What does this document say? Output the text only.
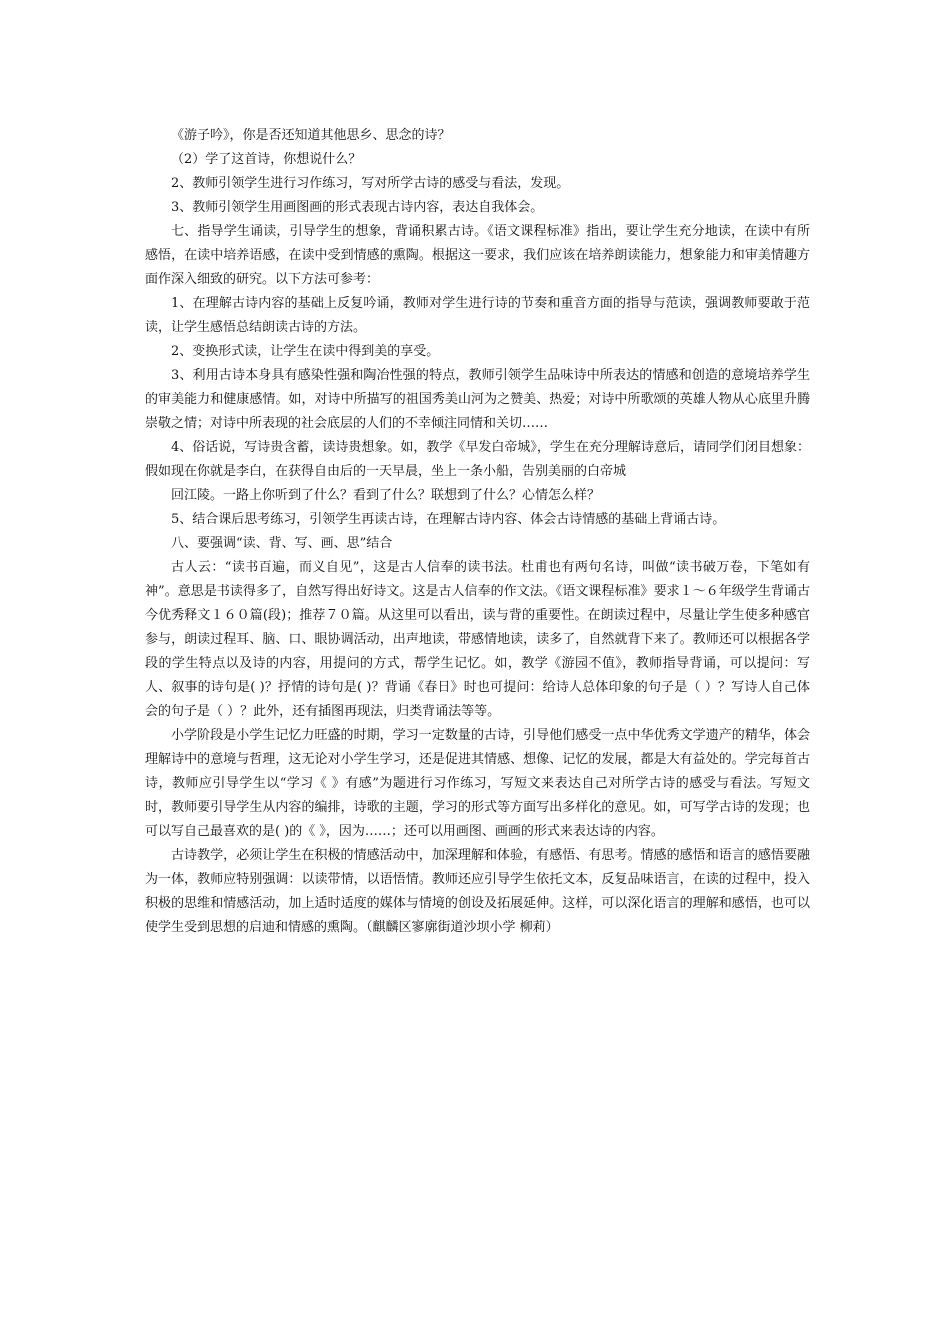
《游子吟》，你是否还知道其他思乡、思念的诗？

（2）学了这首诗，你想说什么？

2、教师引领学生进行习作练习，写对所学古诗的感受与看法，发现。

3、教师引领学生用画图画的形式表现古诗内容，表达自我体会。

七、指导学生诵读，引导学生的想象，背诵积累古诗。《语文课程标准》指出，要让学生充分地读，在读中有所感悟，在读中培养语感，在读中受到情感的熏陶。根据这一要求，我们应该在培养朗读能力，想象能力和审美情趣方面作深入细致的研究。以下方法可参考：

1、在理解古诗内容的基础上反复吟诵，教师对学生进行诗的节奏和重音方面的指导与范读，强调教师要敢于范读，让学生感悟总结朗读古诗的方法。

2、变换形式读，让学生在读中得到美的享受。

3、利用古诗本身具有感染性强和陶冶性强的特点，教师引领学生品味诗中所表达的情感和创造的意境培养学生的审美能力和健康感情。如，对诗中所描写的祖国秀美山河为之赞美、热爱；对诗中所歌颂的英雄人物从心底里升腾崇敬之情；对诗中所表现的社会底层的人们的不幸倾注同情和关切……

4、俗话说，写诗贵含蓄，读诗贵想象。如，教学《早发白帝城》，学生在充分理解诗意后，请同学们闭目想象：假如现在你就是李白，在获得自由后的一天早晨，坐上一条小船，告别美丽的白帝城

回江陵。一路上你听到了什么？看到了什么？联想到了什么？心情怎么样？

5、结合课后思考练习，引领学生再读古诗，在理解古诗内容、体会古诗情感的基础上背诵古诗。

八、要强调“读、背、写、画、思”结合

古人云：“读书百遍，而义自见”，这是古人信奉的读书法。杜甫也有两句名诗，叫做“读书破万卷，下笔如有神”。意思是书读得多了，自然写得出好诗文。这是古人信奉的作文法。《语文课程标准》要求１～６年级学生背诵古今优秀释文１６０篇(段)；推荐７０篇。从这里可以看出，读与背的重要性。在朗读过程中，尽量让学生使多种感官参与，朗读过程耳、脑、口、眼协调活动，出声地读，带感情地读，读多了，自然就背下来了。教师还可以根据各学段的学生特点以及诗的内容，用提问的方式，帮学生记忆。如，教学《游园不值》，教师指导背诵，可以提问：写人、叙事的诗句是( )？抒情的诗句是( )？背诵《春日》时也可提问：给诗人总体印象的句子是（ ）？写诗人自己体会的句子是（ ）？此外，还有插图再现法，归类背诵法等等。

小学阶段是小学生记忆力旺盛的时期，学习一定数量的古诗，引导他们感受一点中华优秀文学遗产的精华，体会理解诗中的意境与哲理，这无论对小学生学习，还是促进其情感、想像、记忆的发展，都是大有益处的。学完每首古诗，教师应引导学生以“学习《 》有感”为题进行习作练习，写短文来表达自己对所学古诗的感受与看法。写短文时，教师要引导学生从内容的编排，诗歌的主题，学习的形式等方面写出多样化的意见。如，可写学古诗的发现；也可以写自己最喜欢的是( )的《 》，因为……；还可以用画图、画画的形式来表达诗的内容。

古诗教学，必须让学生在积极的情感活动中，加深理解和体验，有感悟、有思考。情感的感悟和语言的感悟要融为一体，教师应特别强调：以读带情，以语悟情。教师还应引导学生依托文本，反复品味语言，在读的过程中，投入积极的思维和情感活动，加上适时适度的媒体与情境的创设及拓展延伸。这样，可以深化语言的理解和感悟，也可以使学生受到思想的启迪和情感的熏陶。（麒麟区寥廓街道沙坝小学 柳莉）
